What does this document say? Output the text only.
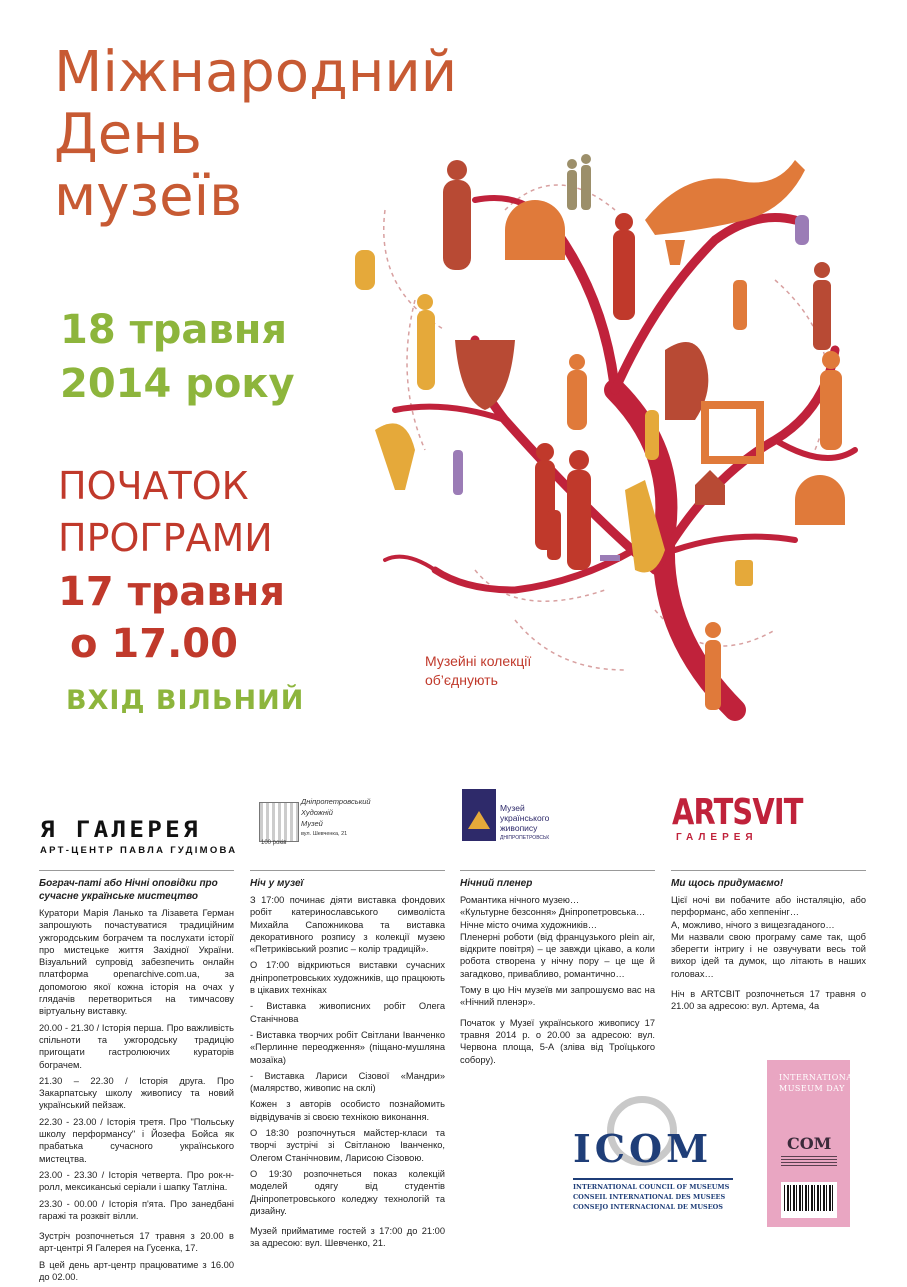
Міжнародний
День
музеїв
18 травня
2014 року
ПОЧАТОК
ПРОГРАМИ
17 травня
о 17.00
ВХІД ВІЛЬНИЙ
Музейні колекції
об’єднують
Я ГАЛЕРЕЯ
АРТ-ЦЕНТР ПАВЛА ГУДІМОВА
Дніпропетровський
Художній
Музей
вул. Шевченка, 21
100 років
Музей
українського
живопису
ДНІПРОПЕТРОВСЬК
ARTSVIT
ГАЛЕРЕЯ
Бограч-паті або Нічні оповідки про сучасне українське мистецтво

Куратори Марія Ланько та Лізавета Герман запрошують почастуватися традиційним ужгородським бограчем та послухати історії про мистецьке життя Західної України. Візуальний супровід забезпечить онлайн платформа openarchive.com.ua, за допомогою якої кожна історія на очах у глядачів перетвориться на тимчасову віртуальну виставку.

20.00 - 21.30 / Історія перша. Про важливість спільноти та ужгородську традицію пригощати гастролюючих кураторів бограчем.

21.30 – 22.30 / Історія друга. Про Закарпатську школу живопису та новий український пейзаж.

22.30 - 23.00 / Історія третя. Про "Польську школу перформансу" і Йозефа Бойса як прабатька сучасного українського мистецтва.

23.00 - 23.30 / Історія четверта. Про рок-н-ролл, мексиканські серіали і шапку Татліна.

23.30 - 00.00 / Історія п'ята. Про занедбані гаражі та розквіт вілли.

Зустріч розпочнеться 17 травня з 20.00 в арт-центрі Я Галерея на Гусенка, 17.

В цей день арт-центр працюватиме з 16.00 до 02.00.

Ніч у музеї

З 17:00 починає діяти виставка фондових робіт катеринославського символіста Михайла Сапожникова та виставка декоративного розпису з колекції музею «Петриківський розпис – колір традицій».

О 17:00 відкриються виставки сучасних дніпропетровських художників, що працюють в цікавих техніках

- Виставка живописних робіт Олега Станічнова

- Виставка творчих робіт Світлани Іванченко «Перлинне переодження» (піщано-мушляна мозаїка)

- Виставка Лариси Сізової «Мандри» (малярство, живопис на склі)

Кожен з авторів особисто познайомить відвідувачів зі своєю технікою виконання.

О 18:30 розпочнуться майстер-класи та творчі зустрічі зі Світланою Іванченко, Олегом Станічновим, Ларисою Сізовою.

О 19:30 розпочнеться показ колекцій моделей одягу від студентів Дніпропетровського коледжу технологій та дизайну.

Музей прийматиме гостей з 17:00 до 21:00 за адресою: вул. Шевченко, 21.

Нічний пленер

Романтика нічного музею…

«Культурне безсоння» Дніпропетровська…

Нічне місто очима художників…

Пленерні роботи (від французького plein air, відкрите повітря) – це завжди цікаво, а коли робота створена у нічну пору – це ще й загадково, привабливо, романтично…

Тому в цю Ніч музеїв ми запрошуємо вас на «Нічний пленэр».

Початок у Музеї українського живопису 17 травня 2014 р. о 20.00 за адресою: вул. Червона площа, 5-А (зліва від Троїцького собору).

Ми щось придумаємо!

Цієї ночі ви побачите або інсталяцію, або перформанс, або хеппенінг…

А, можливо, нічого з вищезгаданого…

Ми назвали свою програму саме так, щоб зберегти інтригу і не озвучувати весь той вихор ідей та думок, що літають в наших головах…

Ніч в ARTСВІТ розпочнеться 17 травня о 21.00 за адресою: вул. Артема, 4а

ICOM
INTERNATIONAL COUNCIL OF MUSEUMS
CONSEIL INTERNATIONAL DES MUSEES
CONSEJO INTERNACIONAL DE MUSEOS
INTERNATIONAL
MUSEUM DAY
COM
